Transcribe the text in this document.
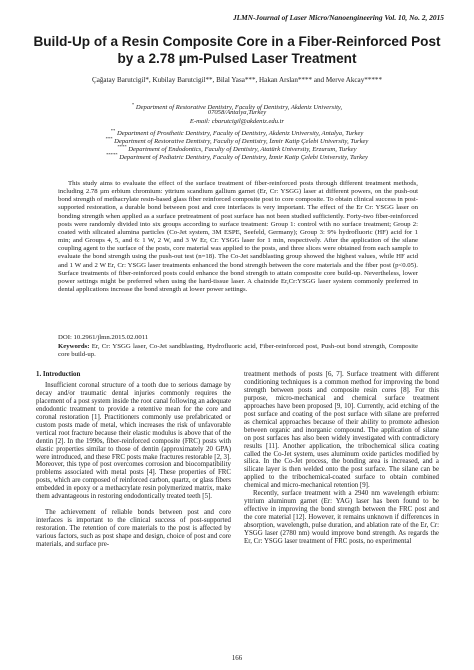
JLMN-Journal of Laser Micro/Nanoengineering Vol. 10, No. 2, 2015
Build-Up of a Resin Composite Core in a Fiber-Reinforced Post by a 2.78 µm-Pulsed Laser Treatment
Çağatay Barutcigil*, Kubilay Barutcigil**, Bilal Yasa***, Hakan Arslan**** and Merve Akcay*****
* Department of Restorative Dentistry, Faculty of Dentistry, Akdeniz University,
07058/Antalya,Turkey
E-mail: cbarutcigil@akdeniz.edu.tr
** Department of Prosthetic Dentistry, Faculty of Dentistry, Akdeniz University, Antalya, Turkey
*** Department of Restorative Dentistry, Faculty of Dentistry, İzmir Katip Çelebi University, Turkey
**** Department of Endodontics, Faculty of Dentistry, Atatürk University, Erzurum, Turkey
***** Department of Pediatric Dentistry, Faculty of Dentistry, İzmir Katip Çelebi University, Turkey

This study aims to evaluate the effect of the surface treatment of fiber-reinforced posts through different treatment methods, including 2.78 µm erbium chromium: yttrium scandium gallium garnet (Er, Cr: YSGG) laser at different powers, on the push-out bond strength of methacrylate resin-based glass fiber reinforced composite post to core composite. To obtain clinical success in post-supported restoration, a durable bond between post and core interfaces is very important. The effect of the Er Cr: YSGG laser on bonding strength when applied as a surface pretreatment of post surface has not been studied sufficiently. Forty-two fiber-reinforced posts were randomly divided into six groups according to surface treatment: Group 1: control with no surface treatment; Group 2: coated with silicated alumina particles (Co-Jet system, 3M ESPE, Seefeld, Germany); Group 3: 9% hydrofluoric (HF) acid for 1 min; and Groups 4, 5, and 6: 1 W, 2 W, and 3 W Er, Cr: YSGG laser for 1 min, respectively. After the application of the silane coupling agent to the surface of the posts, core material was applied to the posts, and three slices were obtained from each sample to evaluate the bond strength using the push-out test (n=18). The Co-Jet sandblasting group showed the highest values, while HF acid and 1 W and 2 W Er, Cr: YSGG laser treatments enhanced the bond strength between the core materials and the fiber post (p<0.05). Surface treatments of fiber-reinforced posts could enhance the bond strength to attain composite core build-up. Nevertheless, lower power settings might be preferred when using the hard-tissue laser. A chairside Er,Cr:YSGG laser system commonly preferred in dental applications increase the bond strength at lower power settings.

DOI: 10.2961/jlmn.2015.02.0011

Keywords: Er, Cr: YSGG laser, Co-Jet sandblasting, Hydrofluoric acid, Fiber-reinforced post, Push-out bond strength, Composite core build-up.

1. Introduction

Insufficient coronal structure of a tooth due to serious damage by decay and/or traumatic dental injuries commonly requires the placement of a post system inside the root canal following an adequate endodontic treatment to provide a retentive mean for the core and coronal restoration [1]. Practitioners commonly use prefabricated or custom posts made of metal, which increases the risk of unfavorable vertical root fracture because their elastic modulus is above that of the dentin [2]. In the 1990s, fiber-reinforced composite (FRC) posts with elastic properties similar to those of dentin (approximately 20 GPA) were introduced, and these FRC posts make fractures restorable [2, 3]. Moreover, this type of post overcomes corrosion and biocompatibility problems associated with metal posts [4]. These properties of FRC posts, which are composed of reinforced carbon, quartz, or glass fibers embedded in epoxy or a methacrylate resin polymerized matrix, make them advantageous in restoring endodontically treated teeth [5].

The achievement of reliable bonds between post and core interfaces is important to the clinical success of post-supported restoration. The retention of core materials to the post is affected by various factors, such as post shape and design, choice of post and core materials, and surface pre-

treatment methods of posts [6, 7]. Surface treatment with different conditioning techniques is a common method for improving the bond strength between posts and composite resin cores [8]. For this purpose, micro-mechanical and chemical surface treatment approaches have been proposed [9, 10]. Currently, acid etching of the post surface and coating of the post surface with silane are preferred as chemical approaches because of their ability to promote adhesion between organic and inorganic compound. The application of silane on post surfaces has also been widely investigated with contradictory results [11]. Another application, the tribochemical silica coating called the Co-Jet system, uses aluminum oxide particles modified by silica. In the Co-Jet process, the bonding area is increased, and a silicate layer is then welded onto the post surface. The silane can be applied to the tribochemical-coated surface to obtain combined chemical and micro-mechanical retention [9].

Recently, surface treatment with a 2940 nm wavelength erbium: yttrium aluminum garnet (Er: YAG) laser has been found to be effective in improving the bond strength between the FRC post and the core material [12]. However, it remains unknown if differences in absorption, wavelength, pulse duration, and ablation rate of the Er, Cr: YSGG laser (2780 nm) would improve bond strength. As regards the Er, Cr: YSGG laser treatment of FRC posts, no experimental

166
